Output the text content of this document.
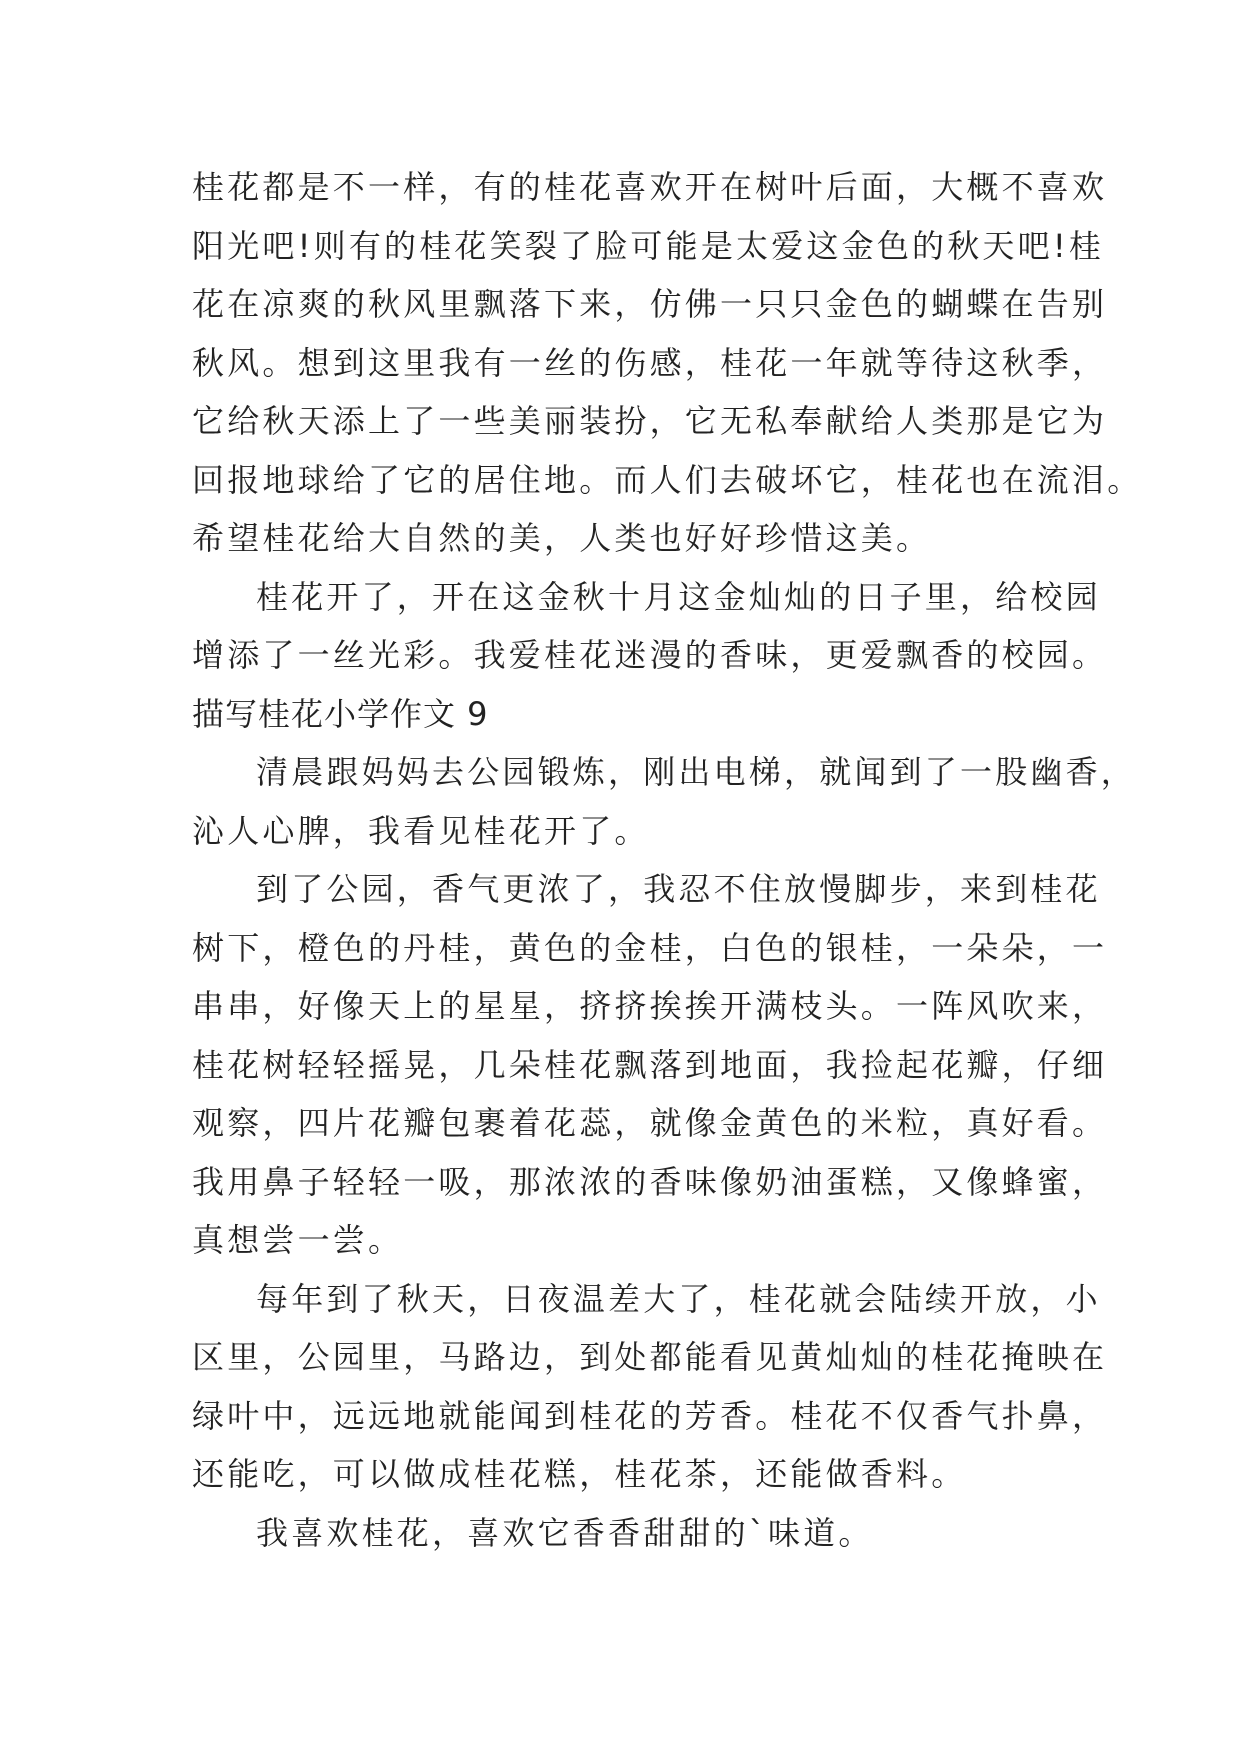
桂花都是不一样，有的桂花喜欢开在树叶后面，大概不喜欢
阳光吧!则有的桂花笑裂了脸可能是太爱这金色的秋天吧!桂
花在凉爽的秋风里飘落下来，仿佛一只只金色的蝴蝶在告别
秋风。想到这里我有一丝的伤感，桂花一年就等待这秋季，
它给秋天添上了一些美丽装扮，它无私奉献给人类那是它为
回报地球给了它的居住地。而人们去破坏它，桂花也在流泪。
希望桂花给大自然的美，人类也好好珍惜这美。
桂花开了，开在这金秋十月这金灿灿的日子里，给校园
增添了一丝光彩。我爱桂花迷漫的香味，更爱飘香的校园。
描写桂花小学作文 9
清晨跟妈妈去公园锻炼，刚出电梯，就闻到了一股幽香，
沁人心脾，我看见桂花开了。
到了公园，香气更浓了，我忍不住放慢脚步，来到桂花
树下，橙色的丹桂，黄色的金桂，白色的银桂，一朵朵，一
串串，好像天上的星星，挤挤挨挨开满枝头。一阵风吹来，
桂花树轻轻摇晃，几朵桂花飘落到地面，我捡起花瓣，仔细
观察，四片花瓣包裹着花蕊，就像金黄色的米粒，真好看。
我用鼻子轻轻一吸，那浓浓的香味像奶油蛋糕，又像蜂蜜，
真想尝一尝。
每年到了秋天，日夜温差大了，桂花就会陆续开放，小
区里，公园里，马路边，到处都能看见黄灿灿的桂花掩映在
绿叶中，远远地就能闻到桂花的芳香。桂花不仅香气扑鼻，
还能吃，可以做成桂花糕，桂花茶，还能做香料。
我喜欢桂花，喜欢它香香甜甜的`味道。
